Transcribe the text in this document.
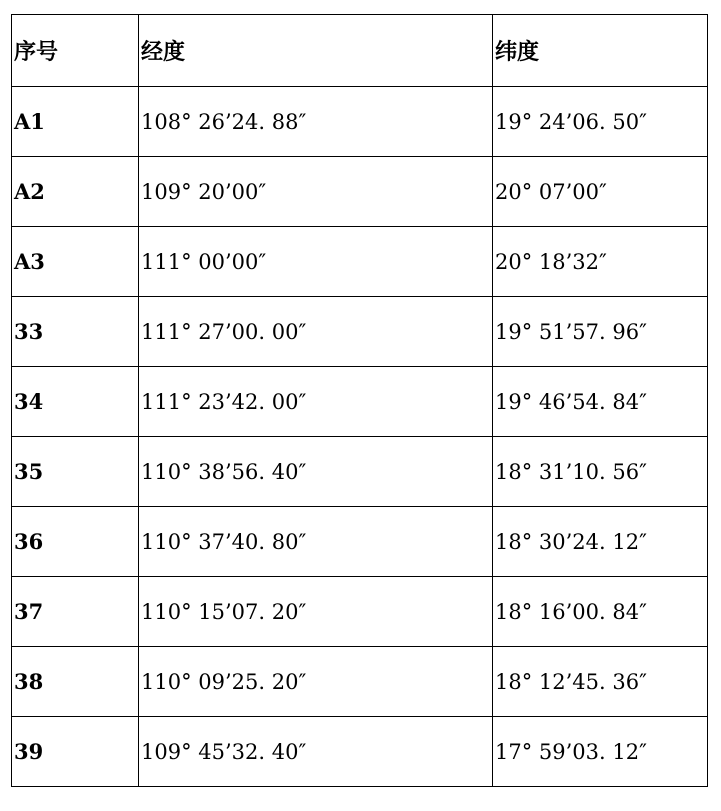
序号	经度	纬度
A1	108° 26’24. 88″	19° 24’06. 50″
A2	109° 20’00″	20° 07’00″
A3	111° 00’00″	20° 18’32″
33	111° 27’00. 00″	19° 51’57. 96″
34	111° 23’42. 00″	19° 46’54. 84″
35	110° 38’56. 40″	18° 31’10. 56″
36	110° 37’40. 80″	18° 30’24. 12″
37	110° 15’07. 20″	18° 16’00. 84″
38	110° 09’25. 20″	18° 12’45. 36″
39	109° 45’32. 40″	17° 59’03. 12″
